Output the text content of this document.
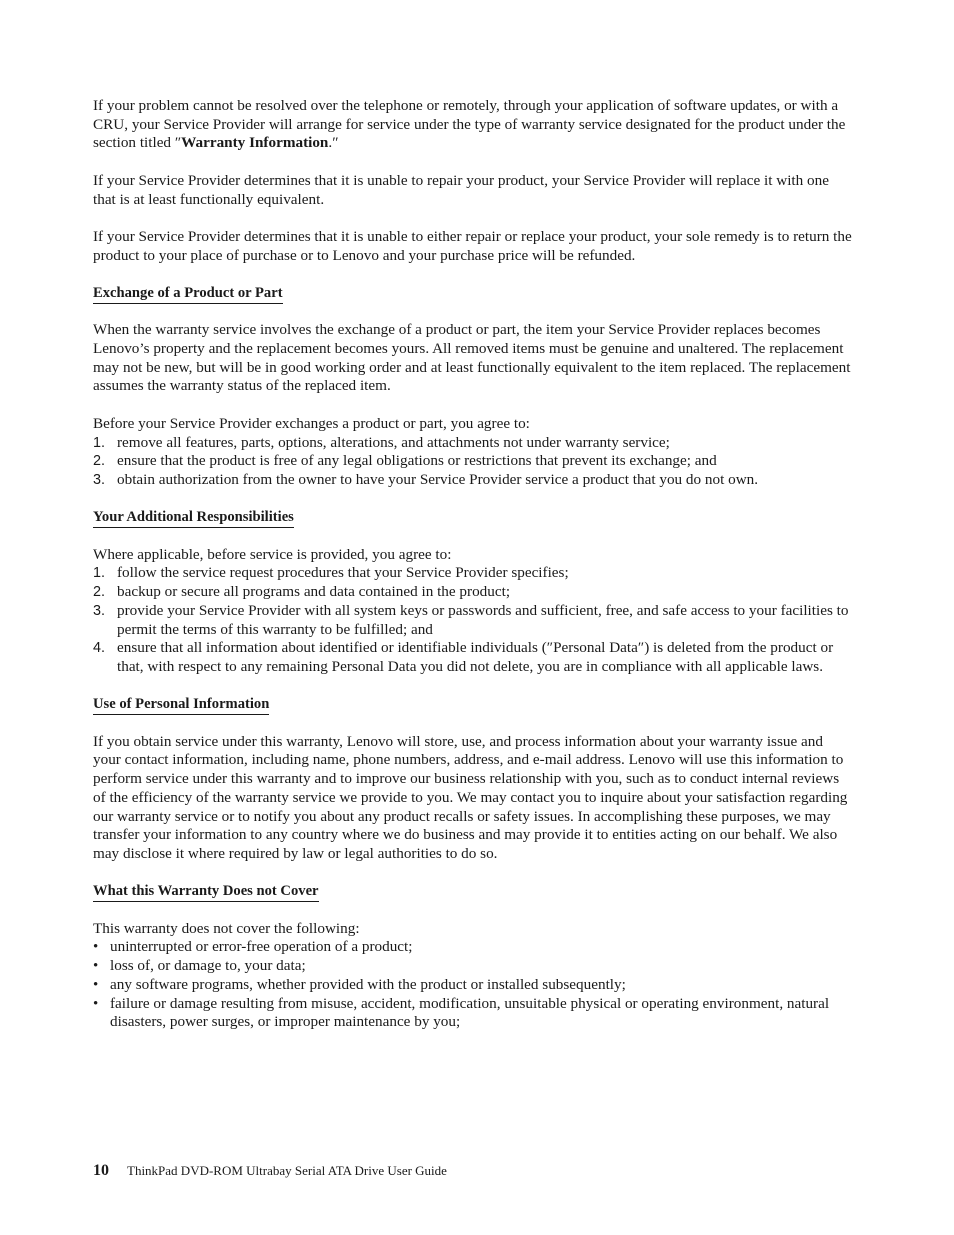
If your problem cannot be resolved over the telephone or remotely, through your application of software updates, or with a CRU, your Service Provider will arrange for service under the type of warranty service designated for the product under the section titled ″Warranty Information.″

If your Service Provider determines that it is unable to repair your product, your Service Provider will replace it with one that is at least functionally equivalent.

If your Service Provider determines that it is unable to either repair or replace your product, your sole remedy is to return the product to your place of purchase or to Lenovo and your purchase price will be refunded.

Exchange of a Product or Part

When the warranty service involves the exchange of a product or part, the item your Service Provider replaces becomes Lenovo’s property and the replacement becomes yours. All removed items must be genuine and unaltered. The replacement may not be new, but will be in good working order and at least functionally equivalent to the item replaced. The replacement assumes the warranty status of the replaced item.

Before your Service Provider exchanges a product or part, you agree to:

1. remove all features, parts, options, alterations, and attachments not under warranty service;
2. ensure that the product is free of any legal obligations or restrictions that prevent its exchange; and
3. obtain authorization from the owner to have your Service Provider service a product that you do not own.
Your Additional Responsibilities

Where applicable, before service is provided, you agree to:

1. follow the service request procedures that your Service Provider specifies;
2. backup or secure all programs and data contained in the product;
3. provide your Service Provider with all system keys or passwords and sufficient, free, and safe access to your facilities to permit the terms of this warranty to be fulfilled; and
4. ensure that all information about identified or identifiable individuals (″Personal Data″) is deleted from the product or that, with respect to any remaining Personal Data you did not delete, you are in compliance with all applicable laws.
Use of Personal Information

If you obtain service under this warranty, Lenovo will store, use, and process information about your warranty issue and your contact information, including name, phone numbers, address, and e-mail address. Lenovo will use this information to perform service under this warranty and to improve our business relationship with you, such as to conduct internal reviews of the efficiency of the warranty service we provide to you. We may contact you to inquire about your satisfaction regarding our warranty service or to notify you about any product recalls or safety issues. In accomplishing these purposes, we may transfer your information to any country where we do business and may provide it to entities acting on our behalf. We also may disclose it where required by law or legal authorities to do so.

What this Warranty Does not Cover

This warranty does not cover the following:

• uninterrupted or error-free operation of a product;
• loss of, or damage to, your data;
• any software programs, whether provided with the product or installed subsequently;
• failure or damage resulting from misuse, accident, modification, unsuitable physical or operating environment, natural disasters, power surges, or improper maintenance by you;
10 ThinkPad DVD-ROM Ultrabay Serial ATA Drive User Guide
